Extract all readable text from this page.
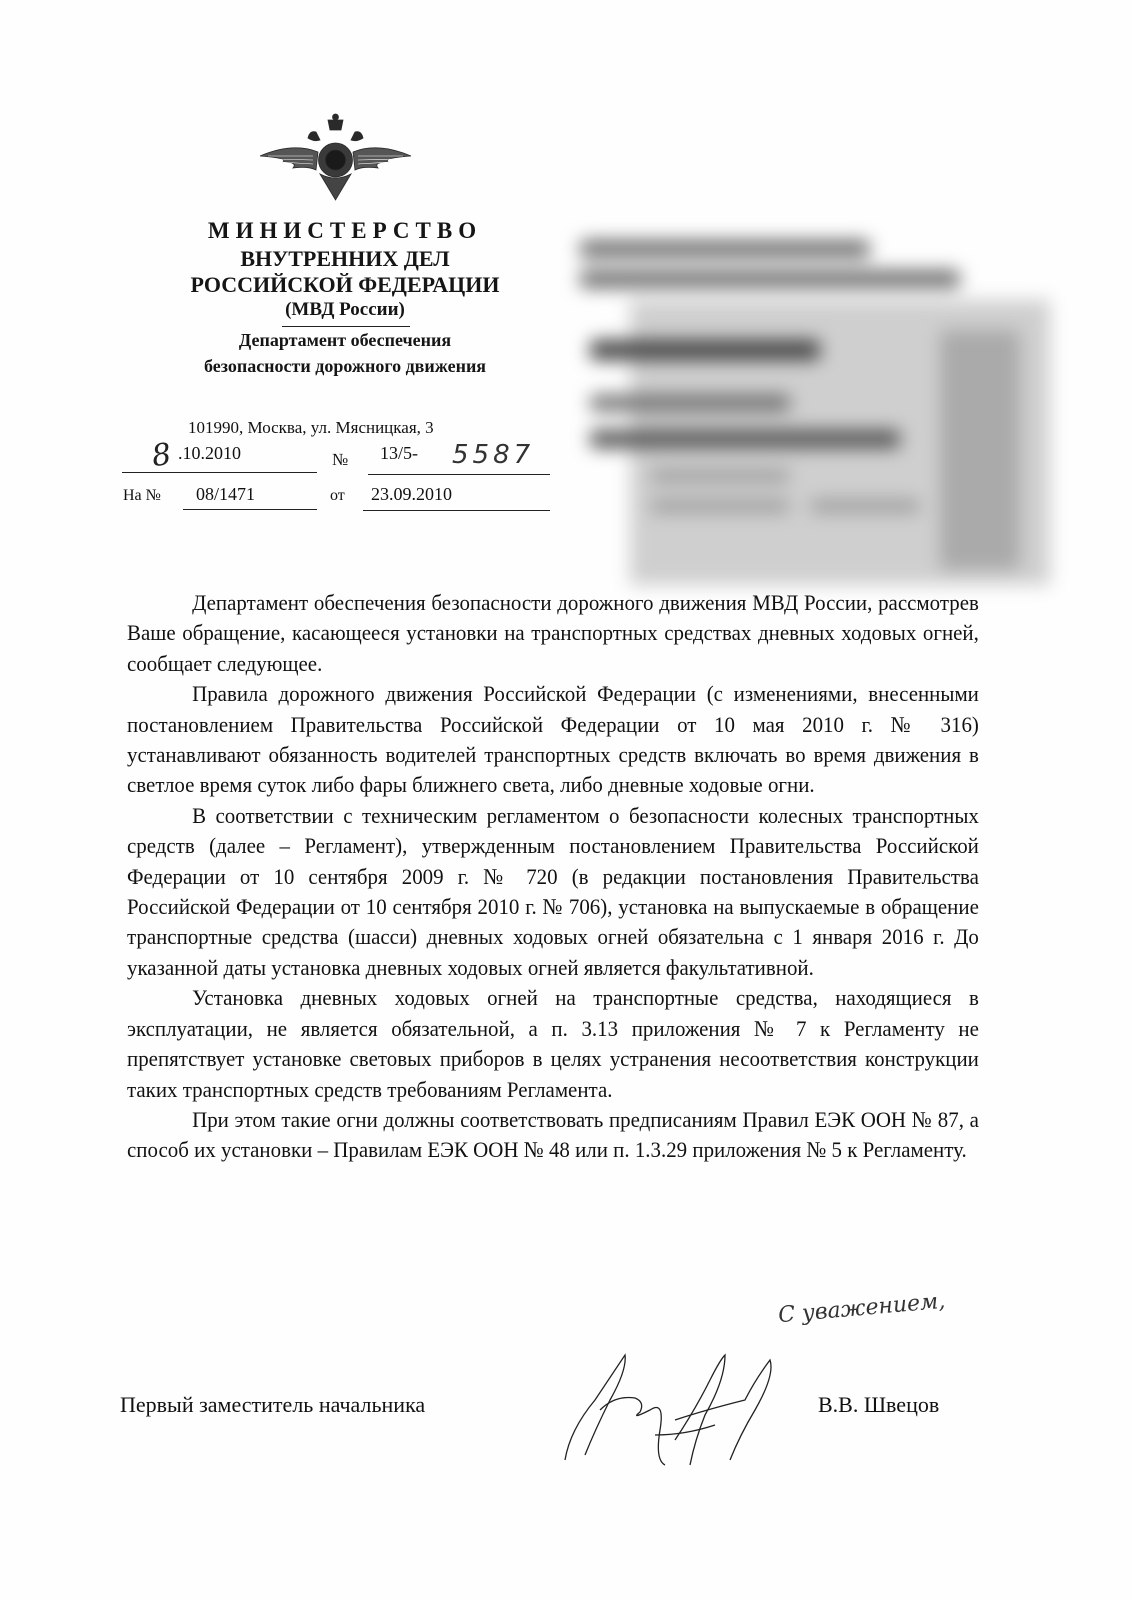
МИНИСТЕРСТВО
ВНУТРЕННИХ ДЕЛ
РОССИЙСКОЙ ФЕДЕРАЦИИ
(МВД России)
Департамент обеспечения
безопасности дорожного движения
101990, Москва, ул. Мясницкая, 3
8 .10.2010	№ 13/5- 5587
На № 08/1471	от 23.09.2010

Департамент обеспечения безопасности дорожного движения МВД России, рассмотрев Ваше обращение, касающееся установки на транспортных средствах дневных ходовых огней, сообщает следующее.

Правила дорожного движения Российской Федерации (с изменениями, внесенными постановлением Правительства Российской Федерации от 10 мая 2010 г. № 316) устанавливают обязанность водителей транспортных средств включать во время движения в светлое время суток либо фары ближнего света, либо дневные ходовые огни.

В соответствии с техническим регламентом о безопасности колесных транспортных средств (далее – Регламент), утвержденным постановлением Правительства Российской Федерации от 10 сентября 2009 г. № 720 (в редакции постановления Правительства Российской Федерации от 10 сентября 2010 г. № 706), установка на выпускаемые в обращение транспортные средства (шасси) дневных ходовых огней обязательна с 1 января 2016 г. До указанной даты установка дневных ходовых огней является факультативной.

Установка дневных ходовых огней на транспортные средства, находящиеся в эксплуатации, не является обязательной, а п. 3.13 приложения № 7 к Регламенту не препятствует установке световых приборов в целях устранения несоответствия конструкции таких транспортных средств требованиям Регламента.

При этом такие огни должны соответствовать предписаниям Правил ЕЭК ООН № 87, а способ их установки – Правилам ЕЭК ООН № 48 или п. 1.3.29 приложения № 5 к Регламенту.

С уважением,
Первый заместитель начальника	В.В. Швецов
